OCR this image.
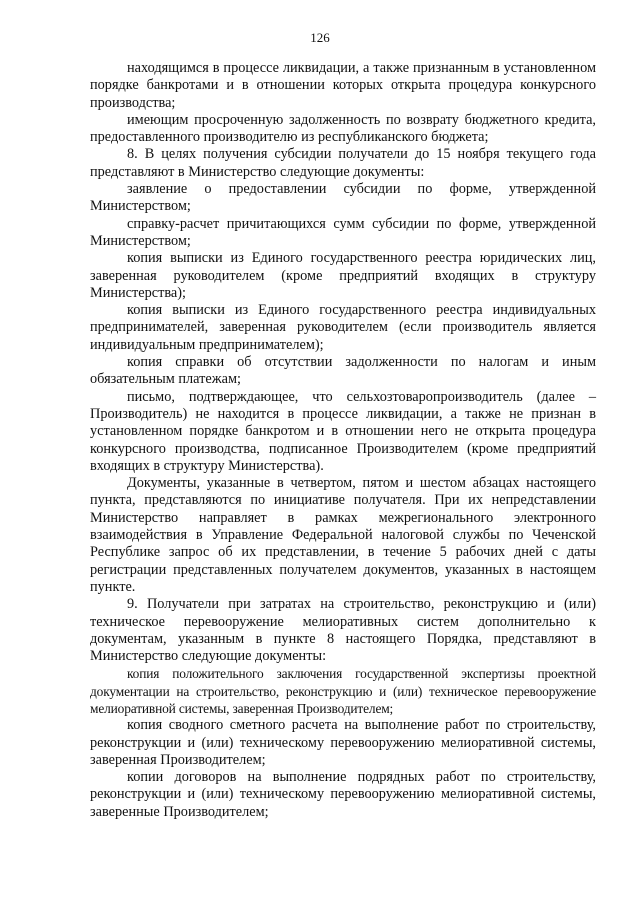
126

находящимся в процессе ликвидации, а также признанным в установленном порядке банкротами и в отношении которых открыта процедура конкурсного производства;

имеющим просроченную задолженность по возврату бюджетного кредита, предоставленного производителю из республиканского бюджета;

8. В целях получения субсидии получатели до 15 ноября текущего года представляют в Министерство следующие документы:

заявление о предоставлении субсидии по форме, утвержденной Министерством;

справку-расчет причитающихся сумм субсидии по форме, утвержденной Министерством;

копия выписки из Единого государственного реестра юридических лиц, заверенная руководителем (кроме предприятий входящих в структуру Министерства);

копия выписки из Единого государственного реестра индивидуальных предпринимателей, заверенная руководителем (если производитель является индивидуальным предпринимателем);

копия справки об отсутствии задолженности по налогам и иным обязательным платежам;

письмо, подтверждающее, что сельхозтоваропроизводитель (далее – Производитель) не находится в процессе ликвидации, а также не признан в установленном порядке банкротом и в отношении него не открыта процедура конкурсного производства, подписанное Производителем (кроме предприятий входящих в структуру Министерства).

Документы, указанные в четвертом, пятом и шестом абзацах настоящего пункта, представляются по инициативе получателя. При их непредставлении Министерство направляет в рамках межрегионального электронного взаимодействия в Управление Федеральной налоговой службы по Чеченской Республике запрос об их представлении, в течение 5 рабочих дней с даты регистрации представленных получателем документов, указанных в настоящем пункте.

9. Получатели при затратах на строительство, реконструкцию и (или) техническое перевооружение мелиоративных систем дополнительно к документам, указанным в пункте 8 настоящего Порядка, представляют в Министерство следующие документы:

копия положительного заключения государственной экспертизы проектной документации на строительство, реконструкцию и (или) техническое перевооружение мелиоративной системы, заверенная Производителем;

копия сводного сметного расчета на выполнение работ по строительству, реконструкции и (или) техническому перевооружению мелиоративной системы, заверенная Производителем;

копии договоров на выполнение подрядных работ по строительству, реконструкции и (или) техническому перевооружению мелиоративной системы, заверенные Производителем;
